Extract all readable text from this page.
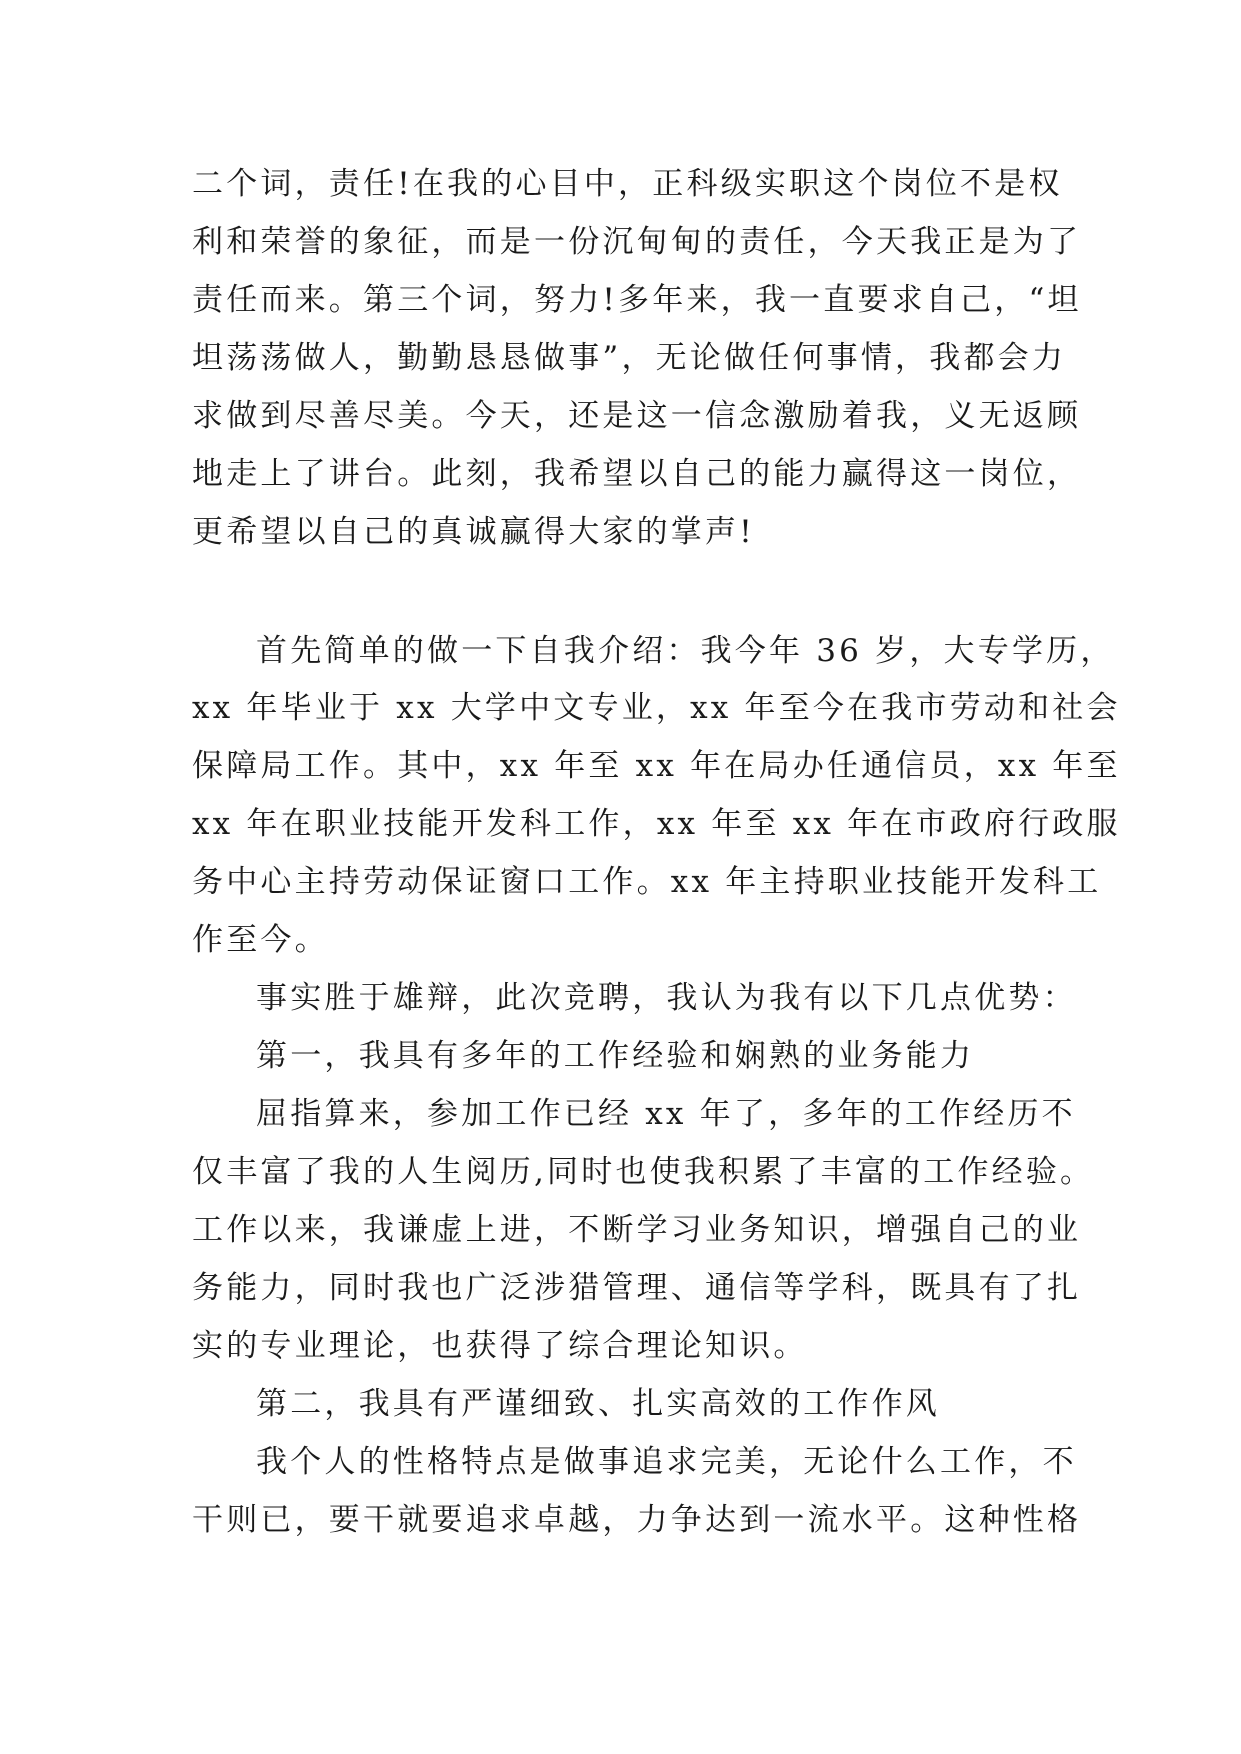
二个词，责任!在我的心目中，正科级实职这个岗位不是权
利和荣誉的象征，而是一份沉甸甸的责任，今天我正是为了
责任而来。第三个词，努力!多年来，我一直要求自己，“坦
坦荡荡做人，勤勤恳恳做事”，无论做任何事情，我都会力
求做到尽善尽美。今天，还是这一信念激励着我，义无返顾
地走上了讲台。此刻，我希望以自己的能力赢得这一岗位，
更希望以自己的真诚赢得大家的掌声!
首先简单的做一下自我介绍：我今年 36 岁，大专学历，
xx 年毕业于 xx 大学中文专业，xx 年至今在我市劳动和社会
保障局工作。其中，xx 年至 xx 年在局办任通信员，xx 年至
xx 年在职业技能开发科工作，xx 年至 xx 年在市政府行政服
务中心主持劳动保证窗口工作。xx 年主持职业技能开发科工
作至今。
事实胜于雄辩，此次竞聘，我认为我有以下几点优势：
第一，我具有多年的工作经验和娴熟的业务能力
屈指算来，参加工作已经 xx 年了，多年的工作经历不
仅丰富了我的人生阅历,同时也使我积累了丰富的工作经验。
工作以来，我谦虚上进，不断学习业务知识，增强自己的业
务能力，同时我也广泛涉猎管理、通信等学科，既具有了扎
实的专业理论，也获得了综合理论知识。
第二，我具有严谨细致、扎实高效的工作作风
我个人的性格特点是做事追求完美，无论什么工作，不
干则已，要干就要追求卓越，力争达到一流水平。这种性格
